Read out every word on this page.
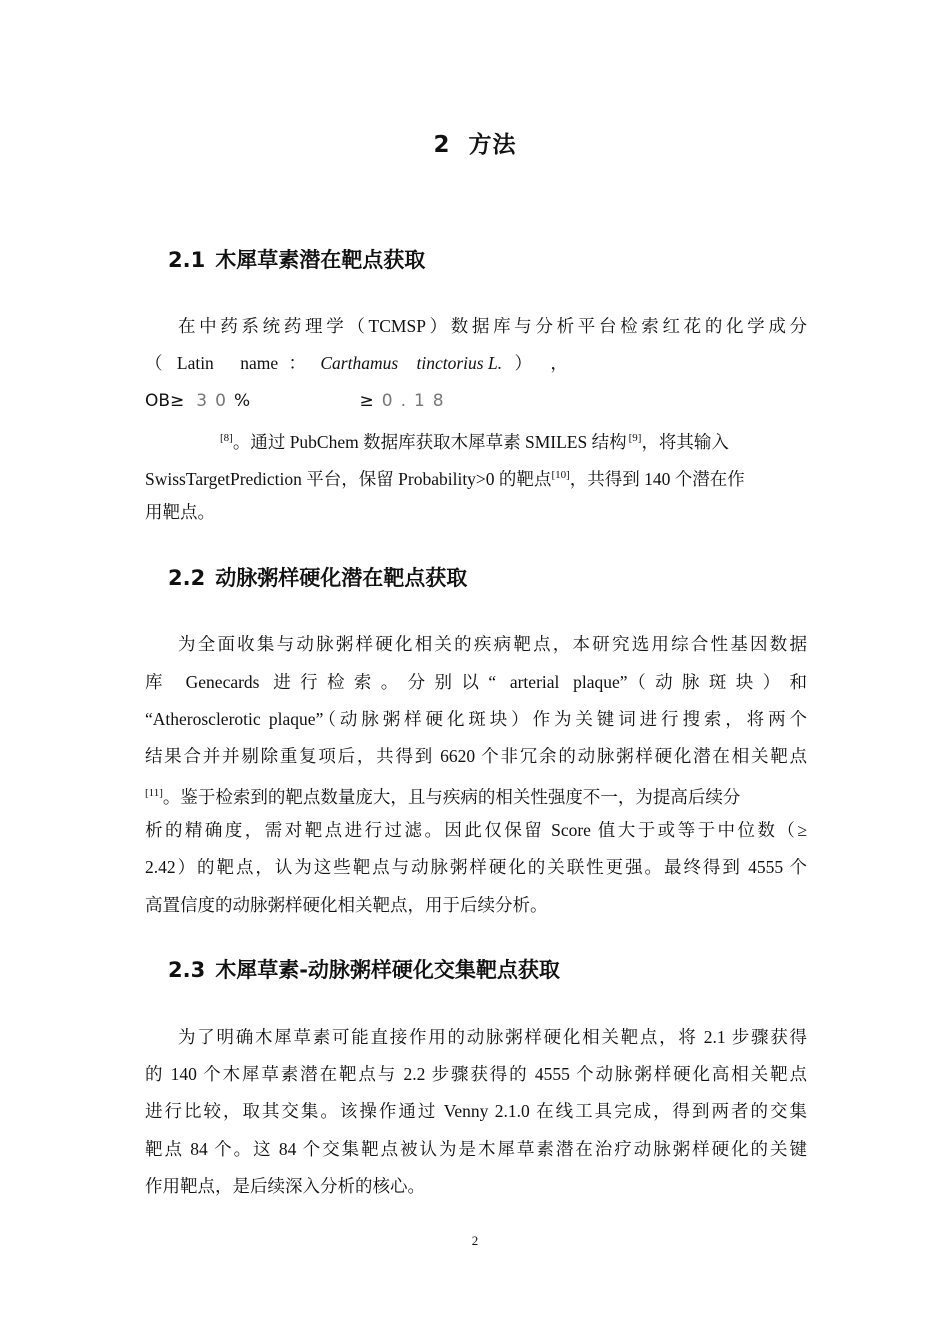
2 方法
2.1 木犀草素潜在靶点获取
在中药系统药理学（TCMSP）数据库与分析平台检索红花的化学成分
（ Latin name ： Carthamus tinctorius L. ） ，
OB≥ 30%	≥ 0.18
[8]。通过 PubChem 数据库获取木犀草素 SMILES 结构 [9]，将其输入
SwissTargetPrediction 平台，保留 Probability>0 的靶点[10]，共得到 140 个潜在作
用靶点。
2.2 动脉粥样硬化潜在靶点获取
为全面收集与动脉粥样硬化相关的疾病靶点，本研究选用综合性基因数据
库 Genecards 进行检索。分别以“ arterial plaque”（动脉斑块）和
“Atherosclerotic plaque”（动脉粥样硬化斑块）作为关键词进行搜索，将两个
结果合并并剔除重复项后，共得到 6620 个非冗余的动脉粥样硬化潜在相关靶点
[11]。鉴于检索到的靶点数量庞大，且与疾病的相关性强度不一，为提高后续分
析的精确度，需对靶点进行过滤。因此仅保留 Score 值大于或等于中位数（≥
2.42）的靶点，认为这些靶点与动脉粥样硬化的关联性更强。最终得到 4555 个
高置信度的动脉粥样硬化相关靶点，用于后续分析。
2.3 木犀草素-动脉粥样硬化交集靶点获取
为了明确木犀草素可能直接作用的动脉粥样硬化相关靶点，将 2.1 步骤获得
的 140 个木犀草素潜在靶点与 2.2 步骤获得的 4555 个动脉粥样硬化高相关靶点
进行比较，取其交集。该操作通过 Venny 2.1.0 在线工具完成，得到两者的交集
靶点 84 个。这 84 个交集靶点被认为是木犀草素潜在治疗动脉粥样硬化的关键
作用靶点，是后续深入分析的核心。
2
